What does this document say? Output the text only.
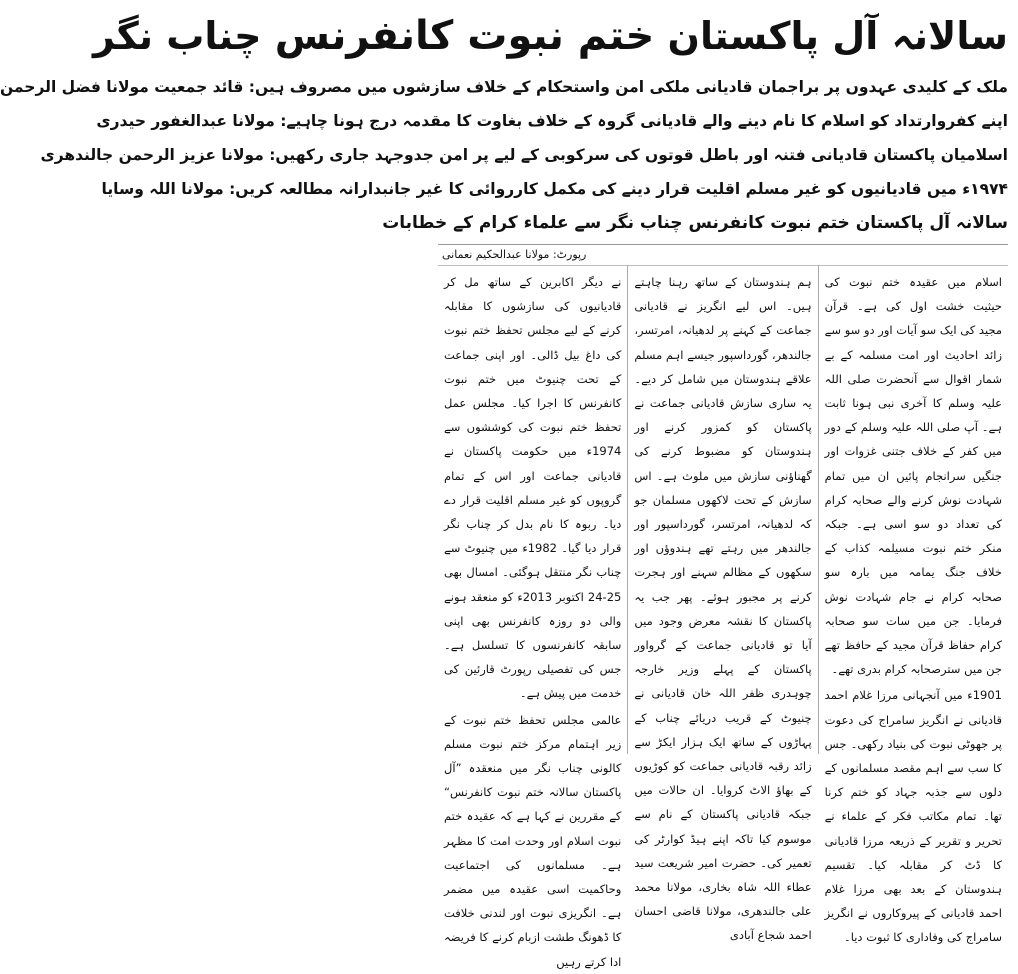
سالانہ آل پاکستان ختم نبوت کانفرنس چناب نگر
ملک کے کلیدی عہدوں پر براجمان قادیانی ملکی امن واستحکام کے خلاف سازشوں میں مصروف ہیں: قائد جمعیت مولانا فضل الرحمن
اپنے کفروارتداد کو اسلام کا نام دینے والے قادیانی گروہ کے خلاف بغاوت کا مقدمہ درج ہونا چاہیے: مولانا عبدالغفور حیدری
اسلامیان پاکستان قادیانی فتنہ اور باطل قوتوں کی سرکوبی کے لیے پر امن جدوجہد جاری رکھیں: مولانا عزیز الرحمن جالندھری
۱۹۷۴ء میں قادیانیوں کو غیر مسلم اقلیت قرار دینے کی مکمل کارروائی کا غیر جانبدارانہ مطالعہ کریں: مولانا اللہ وسایا
سالانہ آل پاکستان ختم نبوت کانفرنس چناب نگر سے علماء کرام کے خطابات
رپورٹ: مولانا عبدالحکیم نعمانی

اسلام میں عقیدہ ختم نبوت کی حیثیت خشت اول کی ہے۔ قرآن مجید کی ایک سو آیات اور دو سو سے زائد احادیث اور امت مسلمہ کے بے شمار اقوال سے آنحضرت صلی اللہ علیہ وسلم کا آخری نبی ہونا ثابت ہے۔ آپ صلی اللہ علیہ وسلم کے دور میں کفر کے خلاف جتنی غزوات اور جنگیں سرانجام پائیں ان میں تمام شہادت نوش کرنے والے صحابہ کرام کی تعداد دو سو اسی ہے۔ جبکہ منکر ختم نبوت مسیلمہ کذاب کے خلاف جنگ یمامہ میں بارہ سو صحابہ کرام نے جام شہادت نوش فرمایا۔ جن میں سات سو صحابہ کرام حفاظ قرآن مجید کے حافظ تھے جن میں سترصحابہ کرام بدری تھے۔

1901ء میں آنجہانی مرزا غلام احمد قادیانی نے انگریز سامراج کی دعوت پر جھوٹی نبوت کی بنیاد رکھی۔ جس کا سب سے اہم مقصد مسلمانوں کے دلوں سے جذبہ جہاد کو ختم کرنا تھا۔ تمام مکاتب فکر کے علماء نے تحریر و تقریر کے ذریعہ مرزا قادیانی کا ڈٹ کر مقابلہ کیا۔ تقسیم ہندوستان کے بعد بھی مرزا غلام احمد قادیانی کے پیروکاروں نے انگریز سامراج کی وفاداری کا ثبوت دیا۔

ہم ہندوستان کے ساتھ رہنا چاہتے ہیں۔ اس لیے انگریز نے قادیانی جماعت کے کہنے پر لدھیانہ، امرتسر، جالندھر، گورداسپور جیسے اہم مسلم علاقے ہندوستان میں شامل کر دیے۔ یہ ساری سازش قادیانی جماعت نے پاکستان کو کمزور کرنے اور ہندوستان کو مضبوط کرنے کی گھناؤنی سازش میں ملوث ہے۔ اس سازش کے تحت لاکھوں مسلمان جو کہ لدھیانہ، امرتسر، گورداسپور اور جالندھر میں رہتے تھے ہندوؤں اور سکھوں کے مظالم سہنے اور ہجرت کرنے پر مجبور ہوئے۔ پھر جب یہ پاکستان کا نقشہ معرض وجود میں آیا تو قادیانی جماعت کے گرواور پاکستان کے پہلے وزیر خارجہ چوہدری ظفر اللہ خان قادیانی نے چنیوٹ کے قریب دریائے چناب کے پہاڑوں کے ساتھ ایک ہزار ایکڑ سے زائد رقبہ قادیانی جماعت کو کوڑیوں کے بھاؤ الاٹ کروایا۔ ان حالات میں جبکہ قادیانی پاکستان کے نام سے موسوم کیا تاکہ اپنے ہیڈ کوارٹر کی تعمیر کی۔ حضرت امیر شریعت سید عطاء اللہ شاہ بخاری، مولانا محمد علی جالندھری، مولانا قاضی احسان احمد شجاع آبادی

نے دیگر اکابرین کے ساتھ مل کر قادیانیوں کی سازشوں کا مقابلہ کرنے کے لیے مجلس تحفظ ختم نبوت کی داغ بیل ڈالی۔ اور اپنی جماعت کے تحت چنیوٹ میں ختم نبوت کانفرنس کا اجرا کیا۔ مجلس عمل تحفظ ختم نبوت کی کوششوں سے 1974ء میں حکومت پاکستان نے قادیانی جماعت اور اس کے تمام گروپوں کو غیر مسلم اقلیت قرار دے دیا۔ ربوہ کا نام بدل کر چناب نگر قرار دیا گیا۔ 1982ء میں چنیوٹ سے چناب نگر منتقل ہوگئی۔ امسال بھی 25-24 اکتوبر 2013ء کو منعقد ہونے والی دو روزہ کانفرنس بھی اپنی سابقہ کانفرنسوں کا تسلسل ہے۔ جس کی تفصیلی رپورٹ قارئین کی خدمت میں پیش ہے۔

عالمی مجلس تحفظ ختم نبوت کے زیر اہتمام مرکز ختم نبوت مسلم کالونی چناب نگر میں منعقدہ ”آل پاکستان سالانہ ختم نبوت کانفرنس“ کے مقررین نے کہا ہے کہ عقیدہ ختم نبوت اسلام اور وحدت امت کا مظہر ہے۔ مسلمانوں کی اجتماعیت وحاکمیت اسی عقیدہ میں مضمر ہے۔ انگریزی نبوت اور لندنی خلافت کا ڈھونگ طشت ازبام کرنے کا فریضہ ادا کرتے رہیں
